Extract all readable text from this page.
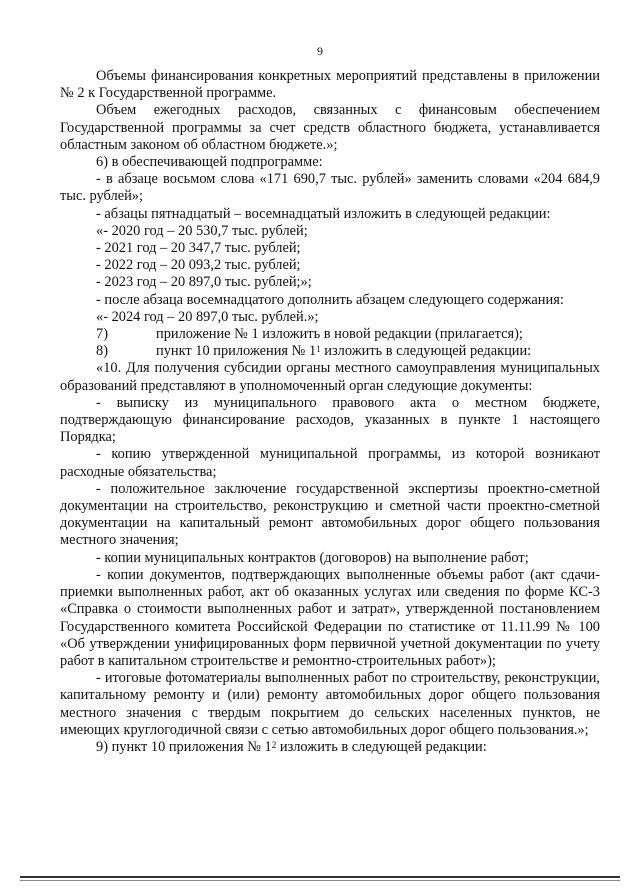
9

Объемы финансирования конкретных мероприятий представлены в приложении № 2 к Государственной программе.

Объем ежегодных расходов, связанных с финансовым обеспечением Государственной программы за счет средств областного бюджета, устанавливается областным законом об областном бюджете.»;

6) в обеспечивающей подпрограмме:

- в абзаце восьмом слова «171 690,7 тыс. рублей» заменить словами «204 684,9 тыс. рублей»;

- абзацы пятнадцатый – восемнадцатый изложить в следующей редакции:

«- 2020 год – 20 530,7 тыс. рублей;

- 2021 год – 20 347,7 тыс. рублей;

- 2022 год – 20 093,2 тыс. рублей;

- 2023 год – 20 897,0 тыс. рублей;»;

- после абзаца восемнадцатого дополнить абзацем следующего содержания:

«- 2024 год – 20 897,0 тыс. рублей.»;

7)	приложение № 1 изложить в новой редакции (прилагается);

8)	пункт 10 приложения № $1^1$ изложить в следующей редакции:

«10. Для получения субсидии органы местного самоуправления муниципальных образований представляют в уполномоченный орган следующие документы:

- выписку из муниципального правового акта о местном бюджете, подтверждающую финансирование расходов, указанных в пункте 1 настоящего Порядка;

- копию утвержденной муниципальной программы, из которой возникают расходные обязательства;

- положительное заключение государственной экспертизы проектно-сметной документации на строительство, реконструкцию и сметной части проектно-сметной документации на капитальный ремонт автомобильных дорог общего пользования местного значения;

- копии муниципальных контрактов (договоров) на выполнение работ;

- копии документов, подтверждающих выполненные объемы работ (акт сдачи-приемки выполненных работ, акт об оказанных услугах или сведения по форме КС-3 «Справка о стоимости выполненных работ и затрат», утвержденной постановлением Государственного комитета Российской Федерации по статистике от 11.11.99 № 100 «Об утверждении унифицированных форм первичной учетной документации по учету работ в капитальном строительстве и ремонтно-строительных работ»);

- итоговые фотоматериалы выполненных работ по строительству, реконструкции, капитальному ремонту и (или) ремонту автомобильных дорог общего пользования местного значения с твердым покрытием до сельских населенных пунктов, не имеющих круглогодичной связи с сетью автомобильных дорог общего пользования.»;

9) пункт 10 приложения № $1^2$ изложить в следующей редакции:
